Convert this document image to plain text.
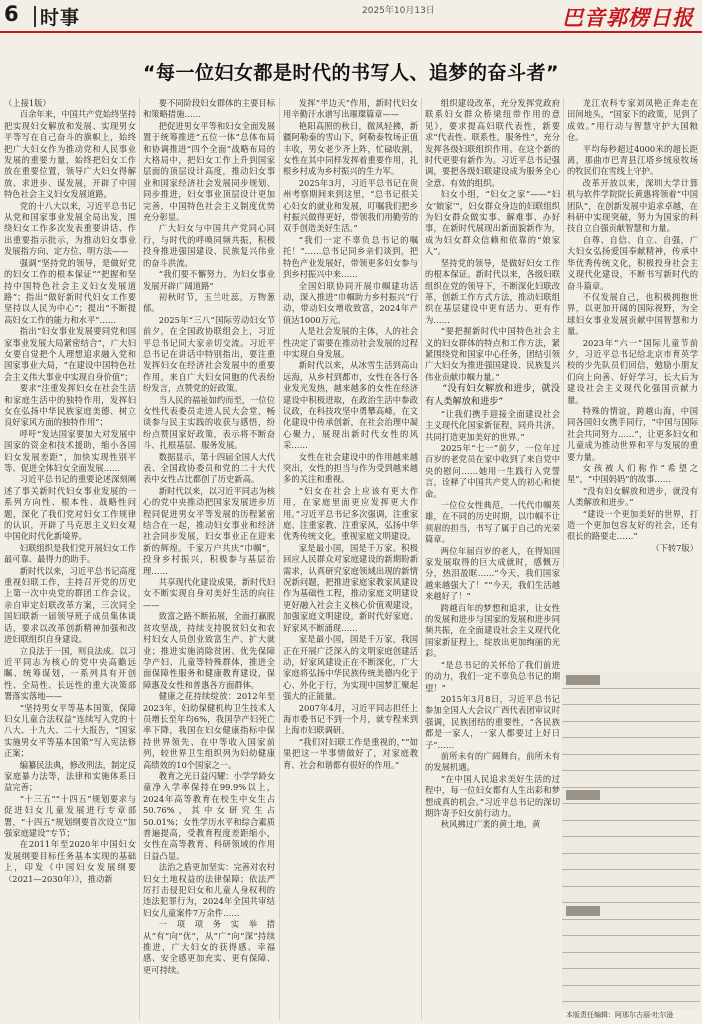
6 时事	2025年10月13日	巴音郭楞日报
“每一位妇女都是时代的书写人、追梦的奋斗者”

（上接1版）

百余年来，中国共产党始终坚持把实现妇女解放和发展、实现男女平等写在自己奋斗的旗帜上，始终把广大妇女作为推动党和人民事业发展的重要力量，始终把妇女工作放在重要位置，领导广大妇女得解放、求进步、谋发展，开辟了中国特色社会主义妇女发展道路。

党的十八大以来，习近平总书记从党和国家事业发展全局出发，围绕妇女工作多次发表重要讲话、作出重要指示批示，为推动妇女事业发展指方向、定方位、明方法——

强调“坚持党的领导，是做好党的妇女工作的根本保证”“把握和坚持中国特色社会主义妇女发展道路”；指出“做好新时代妇女工作要坚持以人民为中心”；提出“不断提高妇女工作的能力和水平”……

指出“妇女事业发展要同党和国家事业发展大局紧密结合”，广大妇女要自觉把个人理想追求融入党和国家事业大局，“在建设中国特色社会主义伟大事业中实现自身价值”；

要求“注重发挥妇女在社会生活和家庭生活中的独特作用，发挥妇女在弘扬中华民族家庭美德、树立良好家风方面的独特作用”；

呼吁“发达国家要加大对发展中国家的资金和技术援助，缩小各国妇女发展差距”，加快实现性别平等、促进全体妇女全面发展……

习近平总书记的重要论述深刻阐述了事关新时代妇女事业发展的一系列方向性、根本性、战略性问题，深化了我们党对妇女工作规律的认识，开辟了马克思主义妇女观中国化时代化新境界。

妇联组织是我们党开展妇女工作最可靠、最得力的助手。

新时代以来，习近平总书记高度重视妇联工作，主持召开党的历史上第一次中央党的群团工作会议，亲自审定妇联改革方案，三次同全国妇联新一届领导班子成员集体谈话，要求以改革创新精神加强和改进妇联组织自身建设。

立良法于一国，则良法成。以习近平同志为核心的党中央高瞻远瞩、统筹谋划，一系列具有开创性、全局性、长远性的重大决策部署落实落地——

“坚持男女平等基本国策，保障妇女儿童合法权益”连续写入党的十八大、十九大、二十大报告，“国家实施男女平等基本国策”写入宪法修正案；

编纂民法典，修改刑法，制定反家庭暴力法等，法律和实施体系日益完善；

“十三五”“十四五”规划要求与促进妇女儿童发展进行专章部署，“十四五”规划纲要首次设立“加强家庭建设”专节；

在2011年至2020年中国妇女发展纲要目标任务基本实现的基础上，印发《中国妇女发展纲要（2021—2030年）》，推动新

要不同阶段妇女群体的主要目标和策略措施……

把促进男女平等和妇女全面发展置于统筹推进“五位一体”总体布局和协调推进“四个全面”战略布局的大格局中，把妇女工作上升到国家层面的顶层设计高度，推动妇女事业和国家经济社会发展同步规划、同步推进，妇女事业顶层设计更加完善，中国特色社会主义制度优势充分彰显。

广大妇女与中国共产党同心同行，与时代的呼唤同频共振，积极投身推进强国建设、民族复兴伟业的奋斗洪流。

“我们要不懈努力，为妇女事业发展开辟广阔道路”

初秋时节，玉兰吐蕊，万物葱郁。

2025年“三八”国际劳动妇女节前夕，在全国政协联组会上，习近平总书记同大家亲切交流。习近平总书记在讲话中特别指出，要注重发挥妇女在经济社会发展中的重要作用，来自广大妇女同胞的代表纷纷发言，点赞党的好政策。

当人民的福祉如约而至，一位位女性代表委员走进人民大会堂，畅谈参与民主实践的收获与感悟，纷纷点赞国家好政策，表示将不断奋斗、扎根基层、服务发展。

数据显示，第十四届全国人大代表、全国政协委员和党的二十大代表中女性占比都创了历史新高。

新时代以来，以习近平同志为核心的党中央推动把国家发展进步历程同促进男女平等发展的历程紧密结合在一起，推动妇女事业和经济社会同步发展，妇女事业正在迎来新的辉煌。千家万户共庆“巾帼”，投身乡村振兴，积极参与基层治理……

共享现代化建设成果，新时代妇女不断实现自身对美好生活的向往——

致富之路不断拓展，全面打赢脱贫攻坚战，持续支持脱贫妇女和农村妇女人员创业致富生产、扩大就业；推进实施消除贫困、优先保障孕产妇、儿童等特殊群体，推进全面保障性服务和健康教育建设，保障惠及女性和普惠各方面群体。

健康之花持续绽放：2012年至2023年，妇幼保健机构卫生技术人员增长至年均6%，我国孕产妇死亡率下降，我国在妇女健康指标中保持世界领先、在中等收入国家前列，较世界卫生组织列为妇幼健康高绩效的10个国家之一。

教育之光日益闪耀：小学学龄女童净入学率保持在99.9%以上，2024年高等教育在校生中女生占50.76%，其中女研究生占50.01%；女性学历水平和综合素质普遍提高，受教育程度差距缩小，女性在高等教育、科研领域的作用日益凸显。

法治之盾更加坚实：完善对农村妇女土地权益的法律保障；依法严厉打击侵犯妇女和儿童人身权利的违法犯罪行为，2024年全国共审结妇女儿童案件7万余件……

一项项务实举措从“有”向“优”，从“广”向“深”持续推进，广大妇女的获得感、幸福感、安全感更加充实、更有保障、更可持续。

发挥“半边天”作用，新时代妇女用辛勤汗水谱写出璀璨篇章——

艳阳高照的秋日，微风轻拂，新疆阿勒泰的雪山下，阿勒泰牧场正值丰收，男女老少齐上阵，忙碌收割，女性在其中同样发挥着重要作用，扎根乡村成为乡村振兴的生力军。

2025年3月，习近平总书记在贵州考察期间来到这里，“总书记很关心妇女的就业和发展，叮嘱我们把乡村振兴做得更好，带领我们用勤劳的双手创造美好生活。”

“我们一定不辜负总书记的嘱托！”……总书记同乡亲们谈到，把特色产业发展好，带领更多妇女参与到乡村振兴中来……

全国妇联协同开展巾帼建功活动，深入推进“巾帼助力乡村振兴”行动，带动妇女增收致富，2024年产值达1000万元。

人是社会发展的主体，人的社会性决定了需要在推动社会发展的过程中实现自身发展。

新时代以来，从冰雪生活到高山远海，从乡村到都市，女性在各行各业发光发热，越来越多的女性在经济建设中积极进取，在政治生活中参政议政，在科技攻坚中勇攀高峰，在文化建设中传承创新，在社会治理中凝心聚力，展现出新时代女性的风采……

女性在社会建设中的作用越来越突出，女性的担当与作为受到越来越多的关注和重视。

“妇女在社会上应该有更大作用，在家庭里面更应发挥更大作用。”习近平总书记多次强调，注重家庭、注重家教、注重家风，弘扬中华优秀传统文化，重视家庭文明建设。

家是最小国，国是千万家。积极回应人民群众对家庭建设的新期盼新需求，认真研究家庭领域出现的新情况新问题，把推进家庭家教家风建设作为基础性工程，推动家庭文明建设更好融入社会主义核心价值观建设，加强家庭文明建设，新时代好家庭、好家风不断涌现……

家是最小国，国是千万家，我国正在开展广泛深入的文明家庭创建活动，好家风建设正在不断深化，广大家庭将弘扬中华民族传统美德内化于心、外化于行，为实现中国梦汇聚起强大的正能量。

2007年4月，习近平同志担任上海市委书记不到一个月，就专程来到上海市妇联调研。

“我们对妇联工作是重视的，”“如果把这一半事情做好了，对家庭教育、社会和谐都有很好的作用。”

组织建设改革，充分发挥党政府联系妇女群众桥梁纽带作用的意见》，要求提高妇联代表性，新要求“代表性、联系性，服务性”，充分发挥各级妇联组织作用。在这个新的时代更要有新作为。习近平总书记强调，要把各级妇联建设成为服务全心全意、有效的组织。

妇女小组，“妇女之家”——“妇女‘娘家’”，妇女群众身边的妇联组织为妇女群众做实事、解难事、办好事，在新时代展现出新面貌新作为，成为妇女群众信赖和依靠的“娘家人”。

坚持党的领导，是做好妇女工作的根本保证。新时代以来，各级妇联组织在党的领导下，不断深化妇联改革，创新工作方式方法，推动妇联组织在基层建设中更有活力、更有作为……

“要把握新时代中国特色社会主义的妇女群体的特点和工作方法，紧紧围绕党和国家中心任务，团结引领广大妇女为推进强国建设、民族复兴伟业贡献巾帼力量。”

“没有妇女解放和进步，就没有人类解放和进步”

“让我们携手迎接全面建设社会主义现代化国家新征程，同舟共济，共同打造更加美好的世界。”

2025年“七一”前夕，一位年过百岁的老党员在家中收到了来自党中央的慰问……她用一生践行入党誓言，诠释了中国共产党人的初心和使命。

一位位女性典范，一代代巾帼英雄，在不同的历史时期，以巾帼不让须眉的担当，书写了属于自己的光荣篇章。

两位年届百岁的老人，在得知国家发展取得的巨大成就时，感慨万分，热泪盈眶……“今天，我们国家越来越强大了！”“今天，我们生活越来越好了！”

跨越百年的梦想和追求，让女性的发展和进步与国家的发展和进步同频共振，在全面建设社会主义现代化国家新征程上，绽放出更加绚丽的光彩。

“是总书记的关怀给了我们前进的动力，我们一定不辜负总书记的期望！”

2015年3月8日，习近平总书记参加全国人大会议广西代表团审议时强调，民族团结的重要性，“各民族都是一家人，一家人都要过上好日子”……

前所未有的广阔舞台，前所未有的发展机遇。

“在中国人民追求美好生活的过程中，每一位妇女都有人生出彩和梦想成真的机会。”习近平总书记的深切期许寄予妇女前行动力。

秋风拂过广袤的黄土地，黄

龙江农科专家刘凤艳正奔走在田间地头，“国家下的政策，见到了成效。”用行动与智慧守护大国粮仓。

平均每秒超过4000米的超长距离，那曲市巴青县江塔乡绒泉牧场的牧民们在雪线上守护。

改革开放以来，深圳大学计算机与软件学院院长黄惠将领着“中国团队”，在创新发展中追求卓越，在科研中实现突破，努力为国家的科技自立自强贡献智慧和力量。

自尊、自信、自立、自强，广大妇女弘扬爱国奉献精神，传承中华优秀传统文化，积极投身社会主义现代化建设，不断书写新时代的奋斗篇章。

不仅发展自己，也积极拥抱世界，以更加开阔的国际视野，为全球妇女事业发展贡献中国智慧和力量。

2023年“六一”国际儿童节前夕，习近平总书记给北京市育英学校的少先队员们回信，勉励小朋友们向上向善、好好学习，长大后为建设社会主义现代化强国贡献力量。

特殊的情谊，跨越山海，中国同各国妇女携手同行，“中国与国际社会共同努力……”，让更多妇女和儿童成为推动世界和平与发展的重要力量。

女孩被人们称作“希望之星”，“中国妈妈”的故事……

“没有妇女解放和进步，就没有人类解放和进步。”

“建设一个更加美好的世界，打造一个更加包容友好的社会，还有很长的路要走……”

（下转7版）

本版责任编辑：阿那尔古丽·吐尔逊
